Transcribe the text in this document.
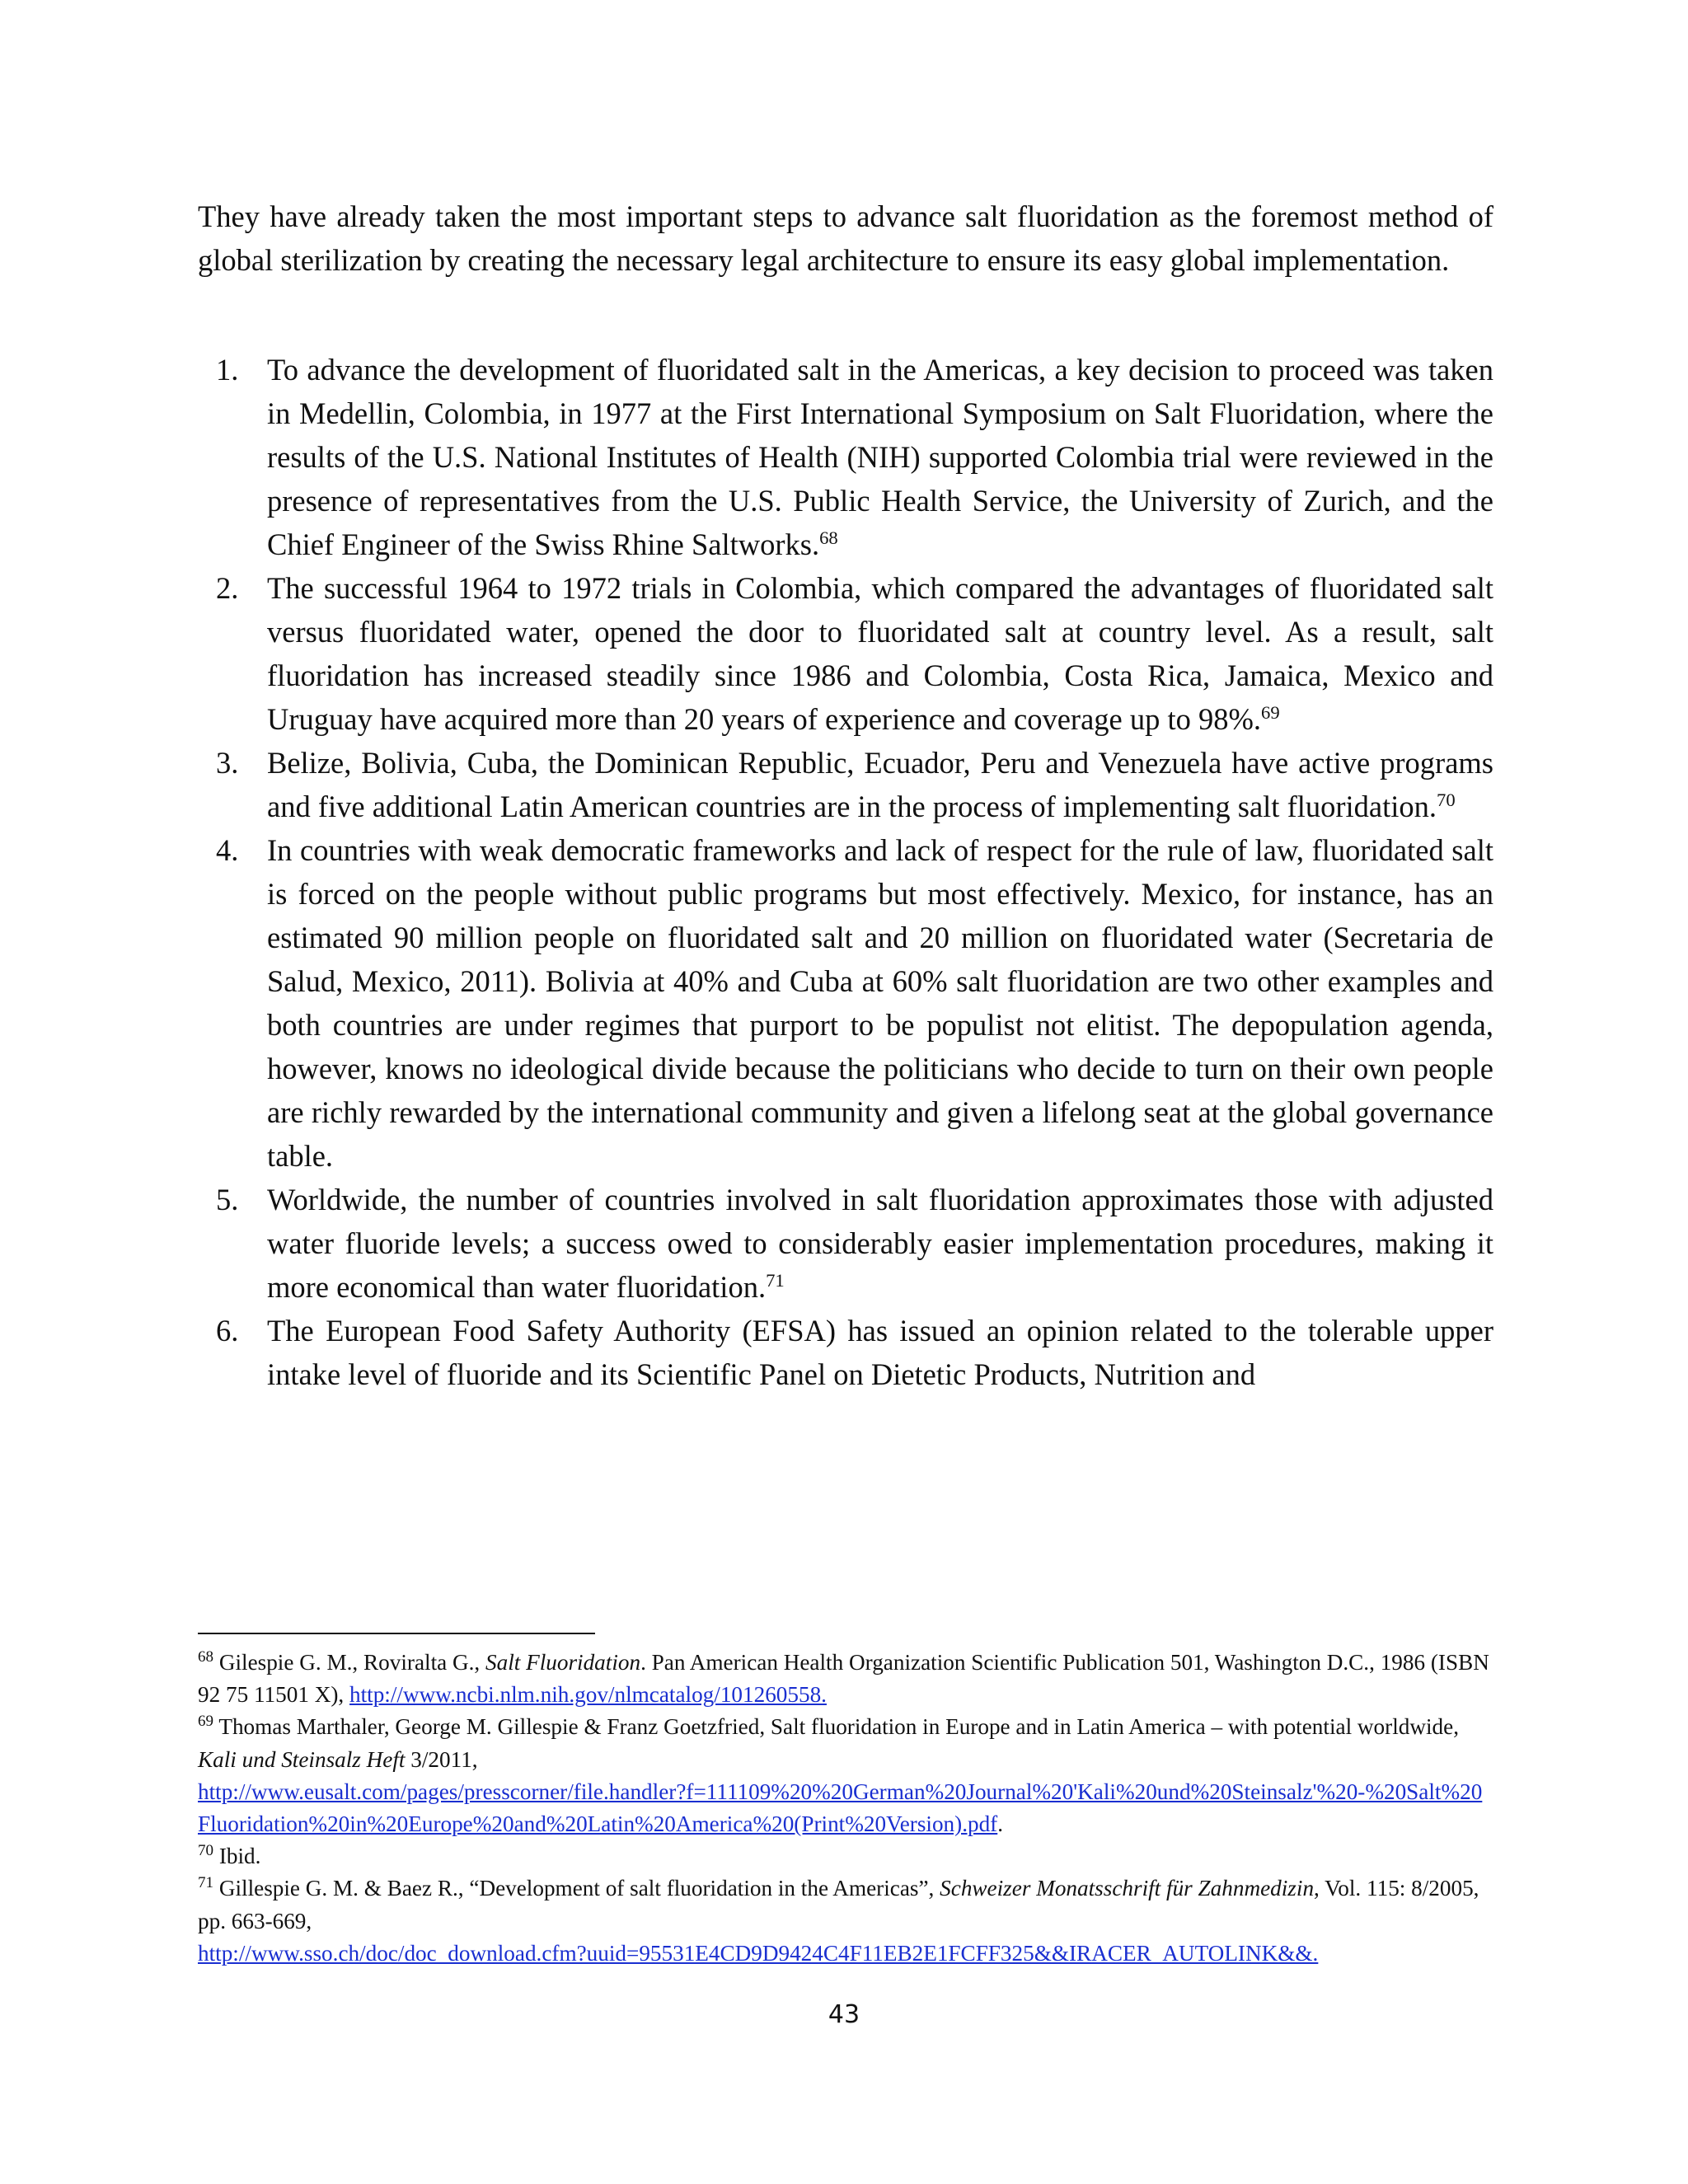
They have already taken the most important steps to advance salt fluoridation as the foremost method of global sterilization by creating the necessary legal architecture to ensure its easy global implementation.

1. To advance the development of fluoridated salt in the Americas, a key decision to proceed was taken in Medellin, Colombia, in 1977 at the First International Symposium on Salt Fluoridation, where the results of the U.S. National Institutes of Health (NIH) supported Colombia trial were reviewed in the presence of representatives from the U.S. Public Health Service, the University of Zurich, and the Chief Engineer of the Swiss Rhine Saltworks.$^{68}$
2. The successful 1964 to 1972 trials in Colombia, which compared the advantages of fluoridated salt versus fluoridated water, opened the door to fluoridated salt at country level. As a result, salt fluoridation has increased steadily since 1986 and Colombia, Costa Rica, Jamaica, Mexico and Uruguay have acquired more than 20 years of experience and coverage up to 98%.$^{69}$
3. Belize, Bolivia, Cuba, the Dominican Republic, Ecuador, Peru and Venezuela have active programs and five additional Latin American countries are in the process of implementing salt fluoridation.$^{70}$
4. In countries with weak democratic frameworks and lack of respect for the rule of law, fluoridated salt is forced on the people without public programs but most effectively. Mexico, for instance, has an estimated 90 million people on fluoridated salt and 20 million on fluoridated water (Secretaria de Salud, Mexico, 2011). Bolivia at 40% and Cuba at 60% salt fluoridation are two other examples and both countries are under regimes that purport to be populist not elitist. The depopulation agenda, however, knows no ideological divide because the politicians who decide to turn on their own people are richly rewarded by the international community and given a lifelong seat at the global governance table.
5. Worldwide, the number of countries involved in salt fluoridation approximates those with adjusted water fluoride levels; a success owed to considerably easier implementation procedures, making it more economical than water fluoridation.$^{71}$
6. The European Food Safety Authority (EFSA) has issued an opinion related to the tolerable upper intake level of fluoride and its Scientific Panel on Dietetic Products, Nutrition and

$^{68}$ Gilespie G. M., Roviralta G., Salt Fluoridation. Pan American Health Organization Scientific Publication 501, Washington D.C., 1986 (ISBN 92 75 11501 X), http://www.ncbi.nlm.nih.gov/nlmcatalog/101260558.

$^{69}$ Thomas Marthaler, George M. Gillespie & Franz Goetzfried, Salt fluoridation in Europe and in Latin America – with potential worldwide, Kali und Steinsalz Heft 3/2011,
http://www.eusalt.com/pages/presscorner/file.handler?f=111109%20%20German%20Journal%20'Kali%20und%20Steinsalz'%20-%20Salt%20Fluoridation%20in%20Europe%20and%20Latin%20America%20(Print%20Version).pdf.

$^{70}$ Ibid.

$^{71}$ Gillespie G. M. & Baez R., “Development of salt fluoridation in the Americas”, Schweizer Monatsschrift für Zahnmedizin, Vol. 115: 8/2005, pp. 663-669,
http://www.sso.ch/doc/doc_download.cfm?uuid=95531E4CD9D9424C4F11EB2E1FCFF325&&IRACER_AUTOLINK&&.

43
